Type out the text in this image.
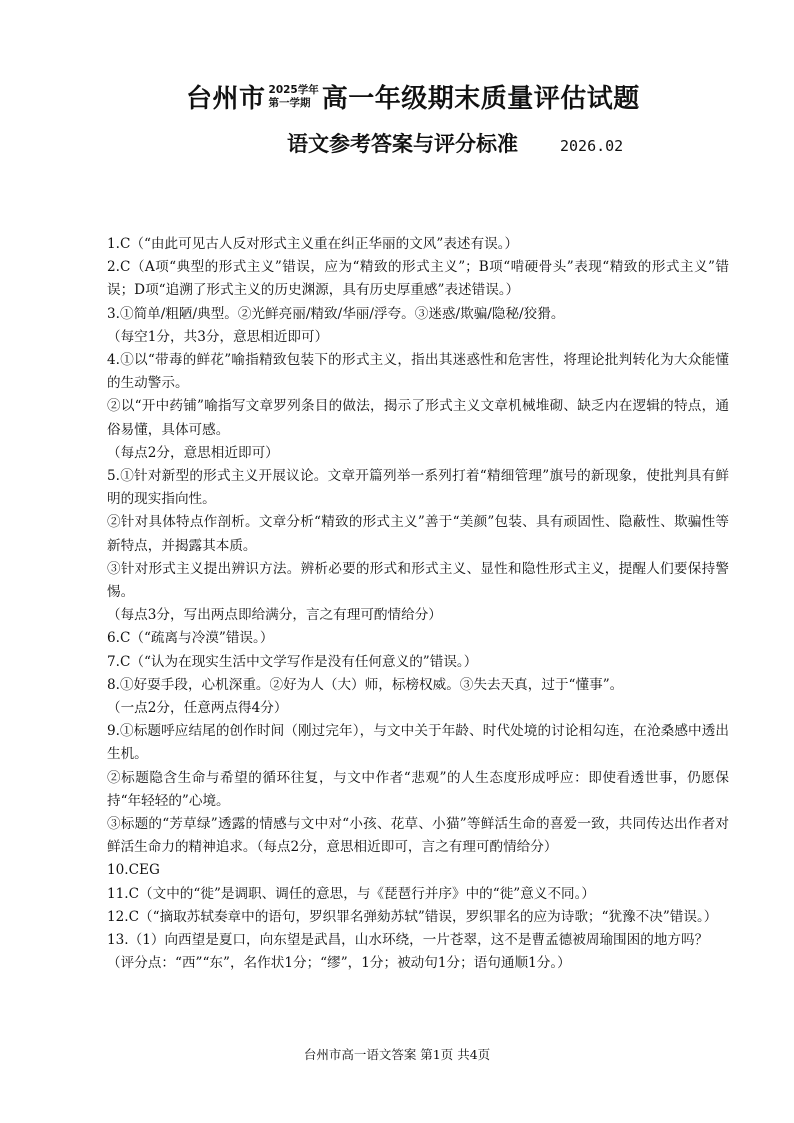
台州市 2025学年
第一学期 高一年级期末质量评估试题
语文参考答案与评分标准	2026.02

1.C（“由此可见古人反对形式主义重在纠正华丽的文风”表述有误。）

2.C（A项“典型的形式主义”错误，应为“精致的形式主义”；B项“啃硬骨头”表现“精致的形式主义”错误；D项“追溯了形式主义的历史渊源，具有历史厚重感”表述错误。）

3.①简单/粗陋/典型。②光鲜亮丽/精致/华丽/浮夸。③迷惑/欺骗/隐秘/狡猾。

（每空1分，共3分，意思相近即可）

4.①以“带毒的鲜花”喻指精致包装下的形式主义，指出其迷惑性和危害性，将理论批判转化为大众能懂的生动警示。

②以“开中药铺”喻指写文章罗列条目的做法，揭示了形式主义文章机械堆砌、缺乏内在逻辑的特点，通俗易懂，具体可感。

（每点2分，意思相近即可）

5.①针对新型的形式主义开展议论。文章开篇列举一系列打着“精细管理”旗号的新现象，使批判具有鲜明的现实指向性。

②针对具体特点作剖析。文章分析“精致的形式主义”善于“美颜”包装、具有顽固性、隐蔽性、欺骗性等新特点，并揭露其本质。

③针对形式主义提出辨识方法。辨析必要的形式和形式主义、显性和隐性形式主义，提醒人们要保持警惕。

（每点3分，写出两点即给满分，言之有理可酌情给分）

6.C（“疏离与冷漠”错误。）

7.C（“认为在现实生活中文学写作是没有任何意义的”错误。）

8.①好耍手段，心机深重。②好为人（大）师，标榜权威。③失去天真，过于“懂事”。

（一点2分，任意两点得4分）

9.①标题呼应结尾的创作时间（刚过完年），与文中关于年龄、时代处境的讨论相勾连，在沧桑感中透出生机。

②标题隐含生命与希望的循环往复，与文中作者“悲观”的人生态度形成呼应：即使看透世事，仍愿保持“年轻轻的”心境。

③标题的“芳草绿”透露的情感与文中对“小孩、花草、小猫”等鲜活生命的喜爱一致，共同传达出作者对鲜活生命力的精神追求。（每点2分，意思相近即可，言之有理可酌情给分）

10.CEG

11.C（文中的“徙”是调职、调任的意思，与《琵琶行并序》中的“徙”意义不同。）

12.C（“摘取苏轼奏章中的语句，罗织罪名弹劾苏轼”错误，罗织罪名的应为诗歌；“犹豫不决”错误。）

13.（1）向西望是夏口，向东望是武昌，山水环绕，一片苍翠，这不是曹孟德被周瑜围困的地方吗？

（评分点：“西”“东”，名作状1分；“缪”，1分；被动句1分；语句通顺1分。）

台州市高一语文答案 第1页 共4页
